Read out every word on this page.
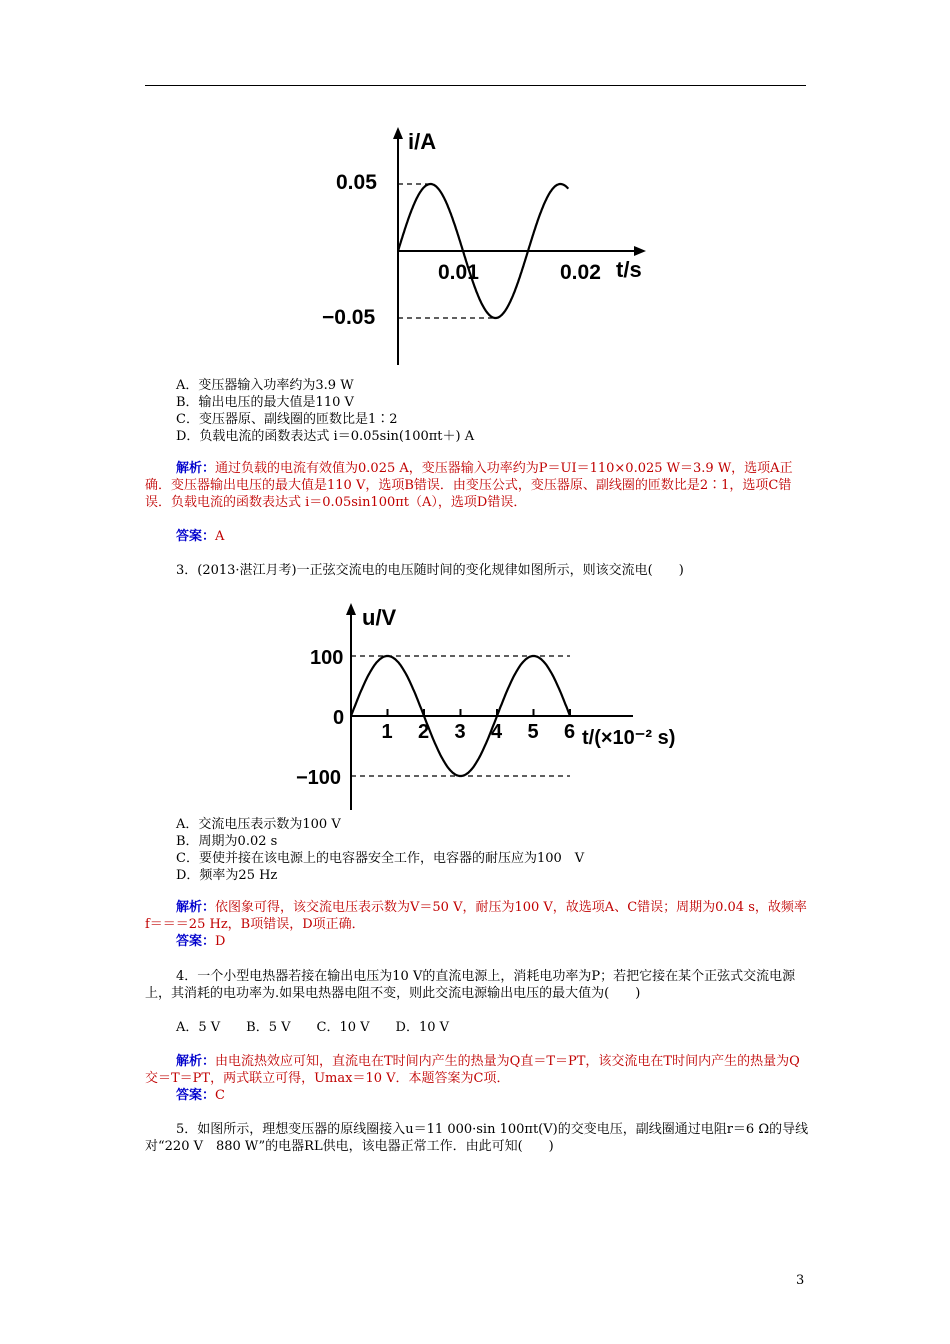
i/A
0.05
−0.05
0.01	0.02 t/s
A．变压器输入功率约为3.9 W
B．输出电压的最大值是110 V
C．变压器原、副线圈的匝数比是1∶2
D．负载电流的函数表达式 i＝0.05sin(100πt＋) A
解析：通过负载的电流有效值为0.025 A，变压器输入功率约为P＝UI＝110×0.025 W＝3.9 W，选项A正确．变压器输出电压的最大值是110 V，选项B错误．由变压公式，变压器原、副线圈的匝数比是2∶1，选项C错误．负载电流的函数表达式 i＝0.05sin100πt（A），选项D错误．
答案：A
3．(2013·湛江月考)一正弦交流电的电压随时间的变化规律如图所示，则该交流电(　　)
u/V
100
0
−100
1 2 3 4 5 6 t/(×10⁻² s)
A．交流电压表示数为100 V
B．周期为0.02 s
C．要使并接在该电源上的电容器安全工作，电容器的耐压应为100　V
D．频率为25 Hz
解析：依图象可得，该交流电压表示数为V＝50 V，耐压为100 V，故选项A、C错误；周期为0.04 s，故频率f＝＝＝25 Hz，B项错误，D项正确．
答案：D
4．一个小型电热器若接在输出电压为10 V的直流电源上，消耗电功率为P；若把它接在某个正弦式交流电源上，其消耗的电功率为.如果电热器电阻不变，则此交流电源输出电压的最大值为(　　)
A．5 V　　B．5 V　　C．10 V　　D．10 V
解析：由电流热效应可知，直流电在T时间内产生的热量为Q直＝T＝PT，该交流电在T时间内产生的热量为Q交＝T＝PT，两式联立可得，Umax＝10 V．本题答案为C项．
答案：C
5．如图所示，理想变压器的原线圈接入u＝11 000·sin 100πt(V)的交变电压，副线圈通过电阻r＝6 Ω的导线对“220 V　880 W”的电器RL供电，该电器正常工作．由此可知(　　)
3
